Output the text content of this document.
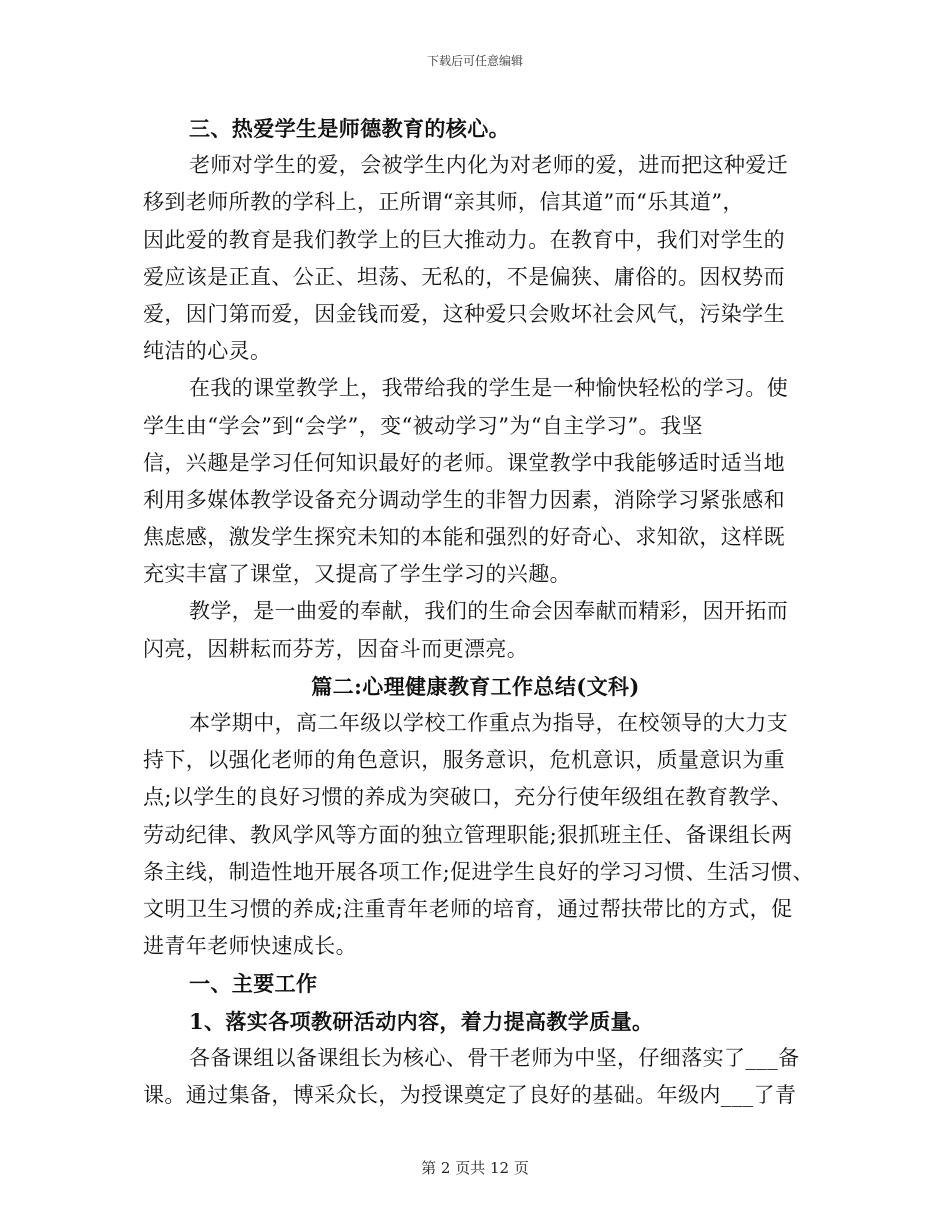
下载后可任意编辑
三、热爱学生是师德教育的核心。
老师对学生的爱，会被学生内化为对老师的爱，进而把这种爱迁
移到老师所教的学科上，正所谓“亲其师，信其道”而“乐其道”，
因此爱的教育是我们教学上的巨大推动力。在教育中，我们对学生的
爱应该是正直、公正、坦荡、无私的，不是偏狭、庸俗的。因权势而
爱，因门第而爱，因金钱而爱，这种爱只会败坏社会风气，污染学生
纯洁的心灵。
在我的课堂教学上，我带给我的学生是一种愉快轻松的学习。使
学生由“学会”到“会学”，变“被动学习”为“自主学习”。我坚
信，兴趣是学习任何知识最好的老师。课堂教学中我能够适时适当地
利用多媒体教学设备充分调动学生的非智力因素，消除学习紧张感和
焦虑感，激发学生探究未知的本能和强烈的好奇心、求知欲，这样既
充实丰富了课堂，又提高了学生学习的兴趣。
教学，是一曲爱的奉献，我们的生命会因奉献而精彩，因开拓而
闪亮，因耕耘而芬芳，因奋斗而更漂亮。
篇二:心理健康教育工作总结(文科)
本学期中，高二年级以学校工作重点为指导，在校领导的大力支
持下，以强化老师的角色意识，服务意识，危机意识，质量意识为重
点;以学生的良好习惯的养成为突破口，充分行使年级组在教育教学、
劳动纪律、教风学风等方面的独立管理职能;狠抓班主任、备课组长两
条主线，制造性地开展各项工作;促进学生良好的学习习惯、生活习惯、
文明卫生习惯的养成;注重青年老师的培育，通过帮扶带比的方式，促
进青年老师快速成长。
一、主要工作
1、落实各项教研活动内容，着力提高教学质量。
各备课组以备课组长为核心、骨干老师为中坚，仔细落实了___备
课。通过集备，博采众长，为授课奠定了良好的基础。年级内___了青
第 2 页共 12 页
